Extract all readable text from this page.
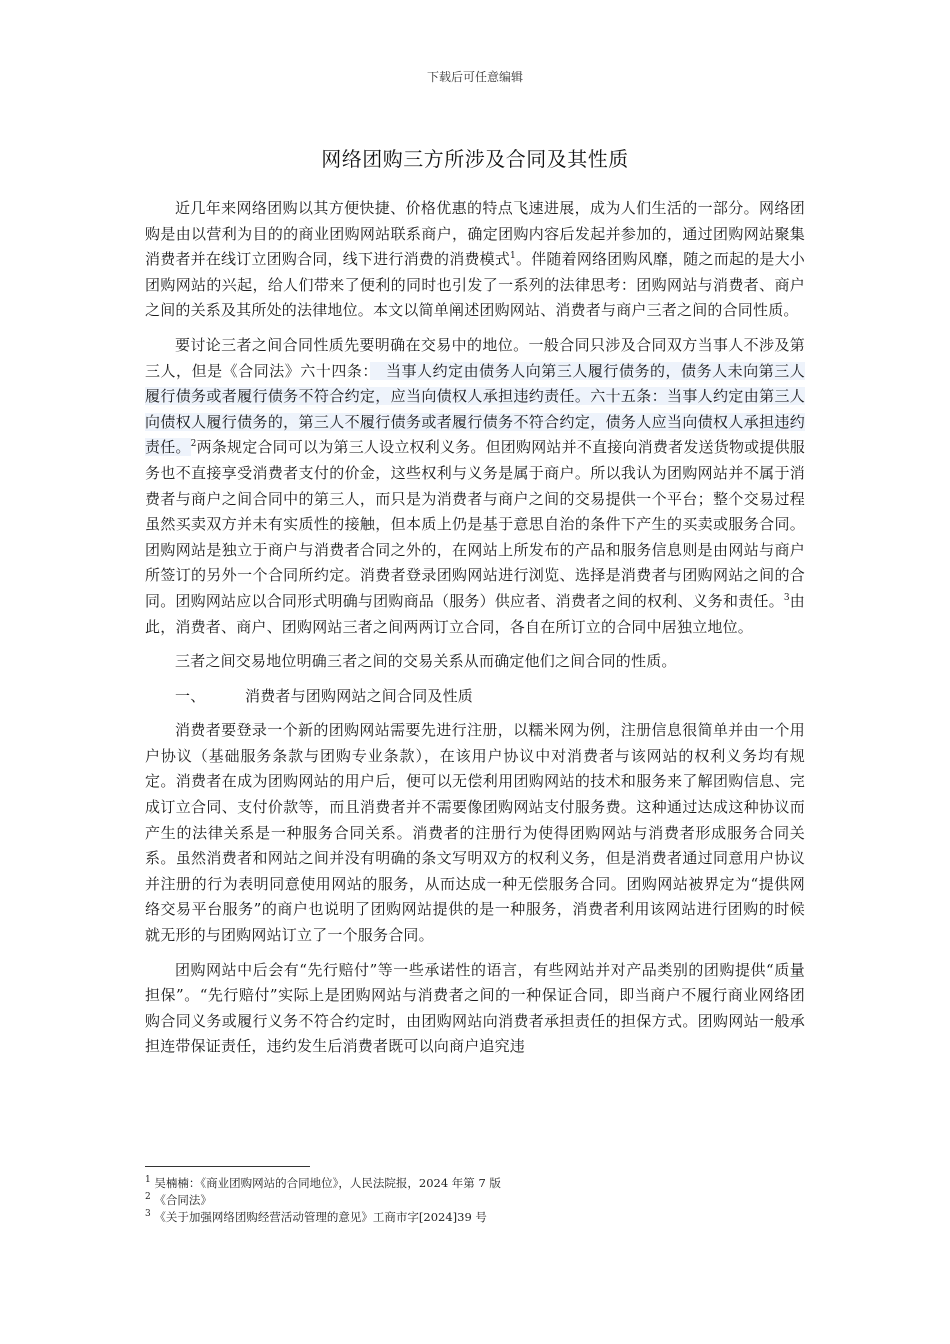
下载后可任意编辑
网络团购三方所涉及合同及其性质

近几年来网络团购以其方便快捷、价格优惠的特点飞速进展，成为人们生活的一部分。网络团购是由以营利为目的的商业团购网站联系商户，确定团购内容后发起并参加的，通过团购网站聚集消费者并在线订立团购合同，线下进行消费的消费模式$^1$。伴随着网络团购风靡，随之而起的是大小团购网站的兴起，给人们带来了便利的同时也引发了一系列的法律思考：团购网站与消费者、商户之间的关系及其所处的法律地位。本文以简单阐述团购网站、消费者与商户三者之间的合同性质。

要讨论三者之间合同性质先要明确在交易中的地位。一般合同只涉及合同双方当事人不涉及第三人，但是《合同法》六十四条：　当事人约定由债务人向第三人履行债务的，债务人未向第三人履行债务或者履行债务不符合约定，应当向债权人承担违约责任。六十五条：当事人约定由第三人向债权人履行债务的，第三人不履行债务或者履行债务不符合约定，债务人应当向债权人承担违约责任。$^2$两条规定合同可以为第三人设立权利义务。但团购网站并不直接向消费者发送货物或提供服务也不直接享受消费者支付的价金，这些权利与义务是属于商户。所以我认为团购网站并不属于消费者与商户之间合同中的第三人，而只是为消费者与商户之间的交易提供一个平台；整个交易过程虽然买卖双方并未有实质性的接触，但本质上仍是基于意思自治的条件下产生的买卖或服务合同。团购网站是独立于商户与消费者合同之外的，在网站上所发布的产品和服务信息则是由网站与商户所签订的另外一个合同所约定。消费者登录团购网站进行浏览、选择是消费者与团购网站之间的合同。团购网站应以合同形式明确与团购商品（服务）供应者、消费者之间的权利、义务和责任。$^3$由此，消费者、商户、团购网站三者之间两两订立合同，各自在所订立的合同中居独立地位。

三者之间交易地位明确三者之间的交易关系从而确定他们之间合同的性质。

一、	消费者与团购网站之间合同及性质

消费者要登录一个新的团购网站需要先进行注册，以糯米网为例，注册信息很简单并由一个用户协议（基础服务条款与团购专业条款），在该用户协议中对消费者与该网站的权利义务均有规定。消费者在成为团购网站的用户后，便可以无偿利用团购网站的技术和服务来了解团购信息、完成订立合同、支付价款等，而且消费者并不需要像团购网站支付服务费。这种通过达成这种协议而产生的法律关系是一种服务合同关系。消费者的注册行为使得团购网站与消费者形成服务合同关系。虽然消费者和网站之间并没有明确的条文写明双方的权利义务，但是消费者通过同意用户协议并注册的行为表明同意使用网站的服务，从而达成一种无偿服务合同。团购网站被界定为“提供网络交易平台服务”的商户也说明了团购网站提供的是一种服务，消费者利用该网站进行团购的时候就无形的与团购网站订立了一个服务合同。

团购网站中后会有“先行赔付”等一些承诺性的语言，有些网站并对产品类别的团购提供“质量担保”。“先行赔付”实际上是团购网站与消费者之间的一种保证合同，即当商户不履行商业网络团购合同义务或履行义务不符合约定时，由团购网站向消费者承担责任的担保方式。团购网站一般承担连带保证责任，违约发生后消费者既可以向商户追究违

$^1$ 吴楠楠：《商业团购网站的合同地位》，人民法院报，2024 年第 7 版

$^2$ 《合同法》

$^3$ 《关于加强网络团购经营活动管理的意见》工商市字[2024]39 号
